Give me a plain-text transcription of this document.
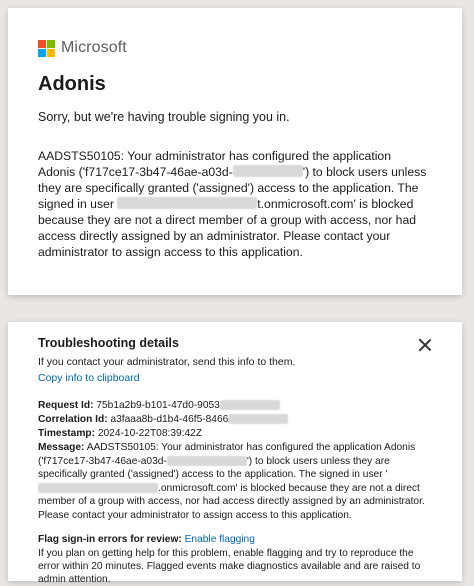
Microsoft
Adonis
Sorry, but we're having trouble signing you in.
AADSTS50105: Your administrator has configured the application Adonis ('f717ce17-3b47-46ae-a03d-	') to block users unless they are specifically granted ('assigned') access to the application. The signed in user	t.onmicrosoft.com' is blocked because they are not a direct member of a group with access, nor had access directly assigned by an administrator. Please contact your administrator to assign access to this application.
Troubleshooting details
If you contact your administrator, send this info to them.
Copy info to clipboard
Request Id: 75b1a2b9-b101-47d0-9053
Correlation Id: a3faaa8b-d1b4-46f5-8466
Timestamp: 2024-10-22T08:39:42Z
Message: AADSTS50105: Your administrator has configured the application Adonis ('f717ce17-3b47-46ae-a03d-	') to block users unless they are specifically granted ('assigned') access to the application. The signed in user '.onmicrosoft.com' is blocked because they are not a direct member of a group with access, nor had access directly assigned by an administrator. Please contact your administrator to assign access to this application.
Flag sign-in errors for review: Enable flagging
If you plan on getting help for this problem, enable flagging and try to reproduce the error within 20 minutes. Flagged events make diagnostics available and are raised to admin attention.
